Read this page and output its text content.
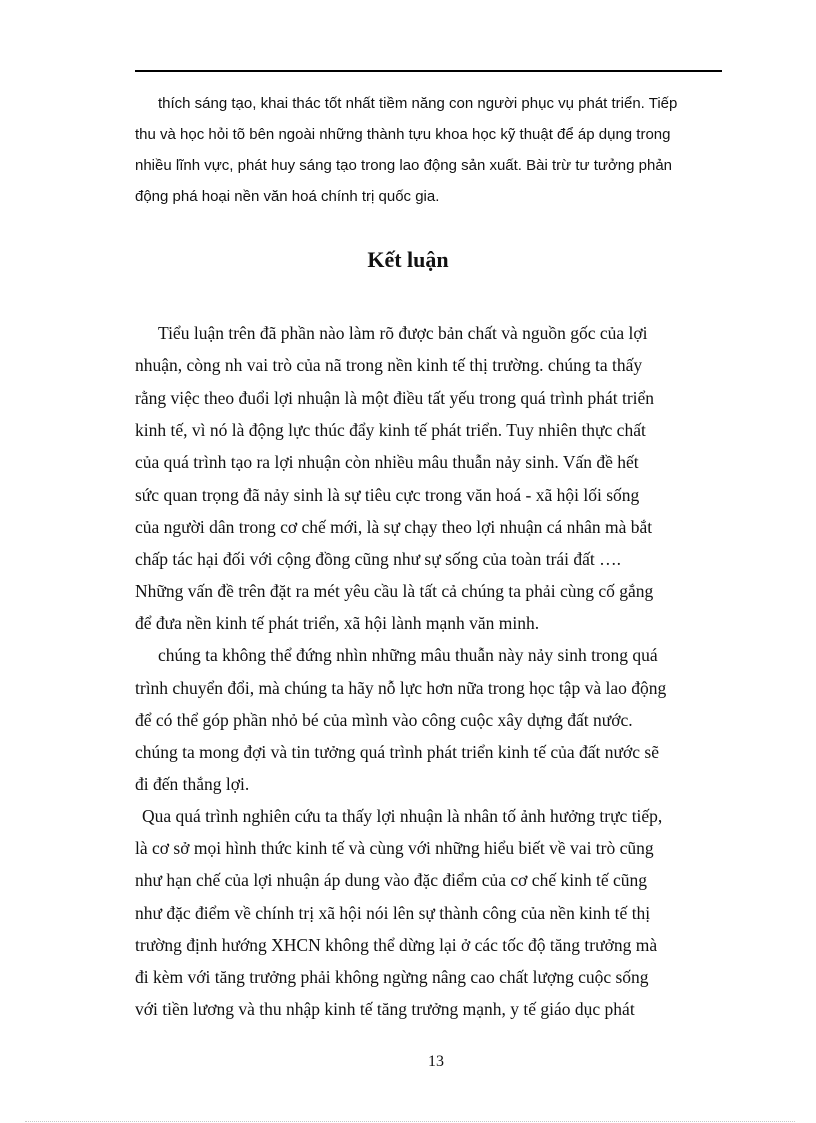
thích sáng tạo, khai thác tốt nhất tiềm năng con người phục vụ phát triển. Tiếp
thu và học hỏi tõ bên ngoài những thành tựu khoa học kỹ thuật để áp dụng trong
nhiều lĩnh vực, phát huy sáng tạo trong lao động sản xuất. Bài trừ tư tưởng phản
động phá hoại nền văn hoá chính trị quốc gia.
Kết luận
Tiểu luận trên đã phần nào làm rõ được bản chất và nguồn gốc của lợi
nhuận, còng nh vai trò của nã trong nền kinh tế thị trường. chúng ta thấy
rằng việc theo đuổi lợi nhuận là một điều tất yếu trong quá trình phát triển
kinh tế, vì nó là động lực thúc đẩy kinh tế phát triển. Tuy nhiên thực chất
của quá trình tạo ra lợi nhuận còn nhiều mâu thuẫn nảy sinh. Vấn đề hết
sức quan trọng đã nảy sinh là sự tiêu cực trong văn hoá - xã hội lối sống
của người dân trong cơ chế mới, là sự chạy theo lợi nhuận cá nhân mà bắt
chấp tác hại đối với cộng đồng cũng như sự sống của toàn trái đất ….
Những vấn đề trên đặt ra mét yêu cầu là tất cả chúng ta phải cùng cố gắng
để đưa nền kinh tế phát triển, xã hội lành mạnh văn minh.
chúng ta không thể đứng nhìn những mâu thuẫn này nảy sinh trong quá
trình chuyển đổi, mà chúng ta hãy nỗ lực hơn nữa trong học tập và lao động
để có thể góp phần nhỏ bé của mình vào công cuộc xây dựng đất nước.
chúng ta mong đợi và tin tưởng quá trình phát triển kinh tế của đất nước sẽ
đi đến thắng lợi.
Qua quá trình nghiên cứu ta thấy lợi nhuận là nhân tố ảnh hưởng trực tiếp,
là cơ sở mọi hình thức kinh tế và cùng với những hiểu biết về vai trò cũng
như hạn chế của lợi nhuận áp dung vào đặc điểm của cơ chế kinh tế cũng
như đặc điểm về chính trị xã hội nói lên sự thành công của nền kinh tế thị
trường định hướng XHCN không thể dừng lại ở các tốc độ tăng trưởng mà
đi kèm với tăng trưởng phải không ngừng nâng cao chất lượng cuộc sống
với tiền lương và thu nhập kinh tế tăng trưởng mạnh, y tế giáo dục phát
13
